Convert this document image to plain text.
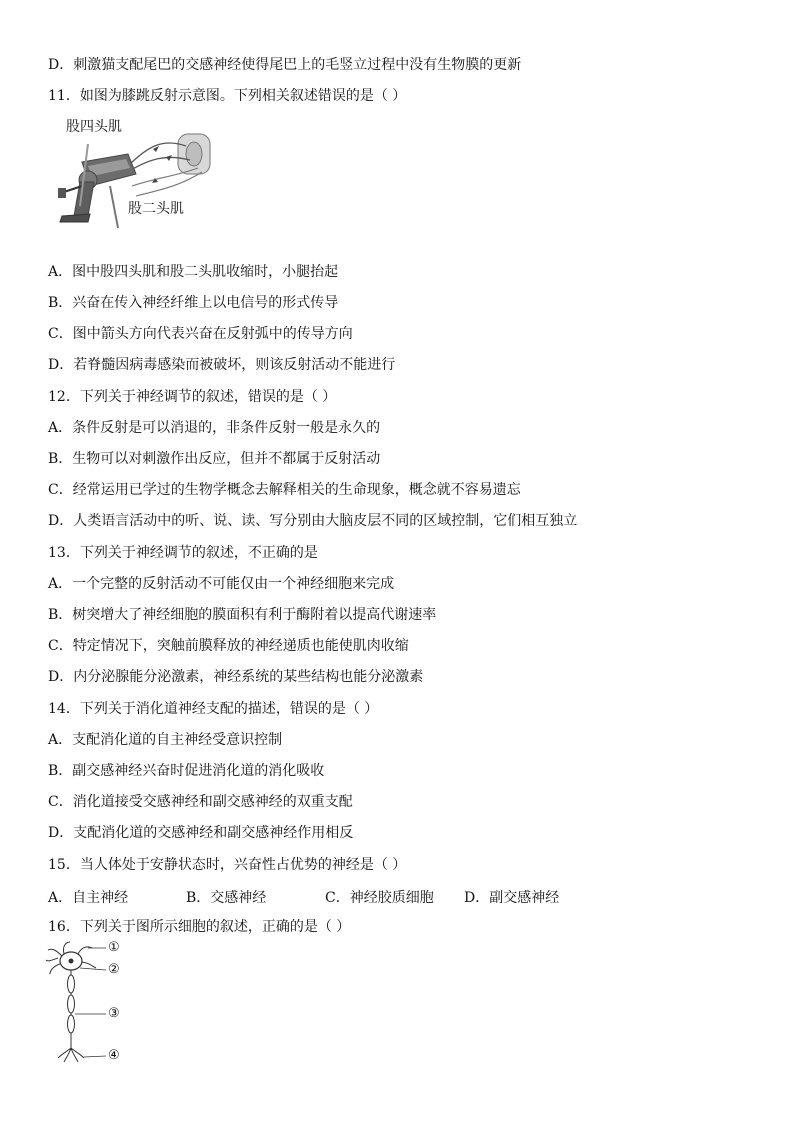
D．刺激猫支配尾巴的交感神经使得尾巴上的毛竖立过程中没有生物膜的更新
11．如图为膝跳反射示意图。下列相关叙述错误的是（ ）
股四头肌
股二头肌
A．图中股四头肌和股二头肌收缩时，小腿抬起
B．兴奋在传入神经纤维上以电信号的形式传导
C．图中箭头方向代表兴奋在反射弧中的传导方向
D．若脊髓因病毒感染而被破坏，则该反射活动不能进行
12．下列关于神经调节的叙述，错误的是（ ）
A．条件反射是可以消退的，非条件反射一般是永久的
B．生物可以对刺激作出反应，但并不都属于反射活动
C．经常运用已学过的生物学概念去解释相关的生命现象，概念就不容易遗忘
D．人类语言活动中的听、说、读、写分别由大脑皮层不同的区域控制，它们相互独立
13．下列关于神经调节的叙述，不正确的是
A．一个完整的反射活动不可能仅由一个神经细胞来完成
B．树突增大了神经细胞的膜面积有利于酶附着以提高代谢速率
C．特定情况下，突触前膜释放的神经递质也能使肌肉收缩
D．内分泌腺能分泌激素，神经系统的某些结构也能分泌激素
14．下列关于消化道神经支配的描述，错误的是（ ）
A．支配消化道的自主神经受意识控制
B．副交感神经兴奋时促进消化道的消化吸收
C．消化道接受交感神经和副交感神经的双重支配
D．支配消化道的交感神经和副交感神经作用相反
15．当人体处于安静状态时，兴奋性占优势的神经是（ ）
A．自主神经	B．交感神经	C．神经胶质细胞 D．副交感神经
16．下列关于图所示细胞的叙述，正确的是（ ）
①
②
③
④
